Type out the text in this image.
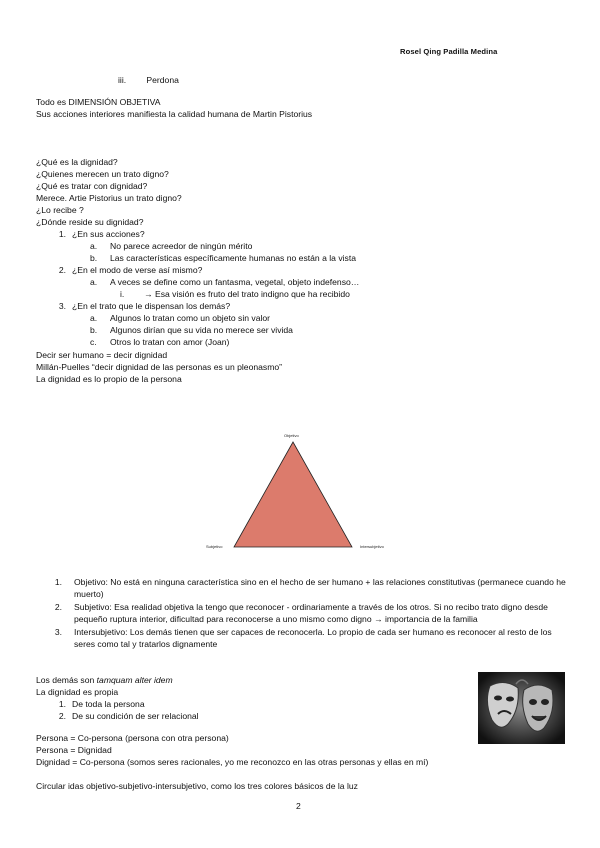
Rosel Qing Padilla Medina
iii. Perdona
Todo es DIMENSIÓN OBJETIVA
Sus acciones interiores manifiesta la calidad humana de Martin Pistorius
¿Qué es la dignidad?
¿Quienes merecen un trato digno?
¿Qué es tratar con dignidad?
Merece. Artie Pistorius un trato digno?
¿Lo recibe ?
¿Dónde reside su dignidad?
1. ¿En sus acciones?
a. No parece acreedor de ningún mérito
b. Las características específicamente humanas no están a la vista
2. ¿En el modo de verse así mismo?
a. A veces se define como un fantasma, vegetal, objeto indefenso…
i. → Esa visión es fruto del trato indigno que ha recibido
3. ¿En el trato que le dispensan los demás?
a. Algunos lo tratan como un objeto sin valor
b. Algunos dirían que su vida no merece ser vivida
c. Otros lo tratan con amor (Joan)
Decir ser humano = decir dignidad
Millán-Puelles “decir dignidad de las personas es un pleonasmo”
La dignidad es lo propio de la persona
Objetivo
Subjetivo	Intersubjetivo
1. Objetivo: No está en ninguna característica sino en el hecho de ser humano + las relaciones constitutivas (permanece cuando he muerto)
2. Subjetivo: Esa realidad objetiva la tengo que reconocer - ordinariamente a través de los otros. Si no recibo trato digno desde pequeño ruptura interior, dificultad para reconocerse a uno mismo como digno → importancia de la familia
3. Intersubjetivo: Los demás tienen que ser capaces de reconocerla. Lo propio de cada ser humano es reconocer al resto de los seres como tal y tratarlos dignamente
Los demás son tamquam alter idem
La dignidad es propia
1. De toda la persona
2. De su condición de ser relacional
Persona = Co-persona (persona con otra persona)
Persona = Dignidad
Dignidad = Co-persona (somos seres racionales, yo me reconozco en las otras personas y ellas en mí)
Circular idas objetivo-subjetivo-intersubjetivo, como los tres colores básicos de la luz
2
